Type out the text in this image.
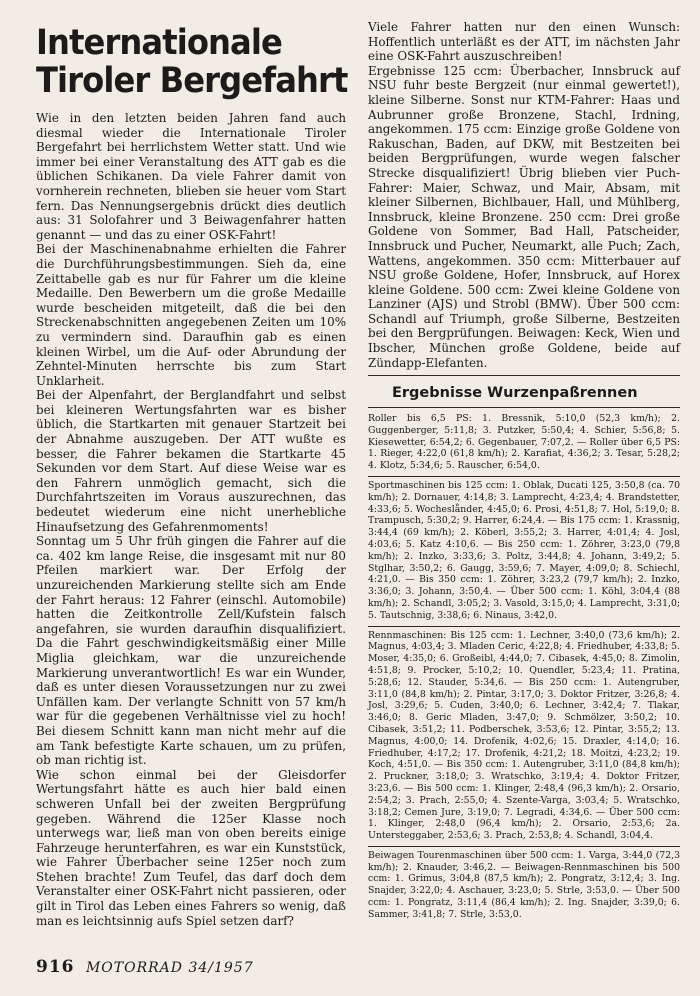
Internationale
Tiroler Bergefahrt

Wie in den letzten beiden Jahren fand auch diesmal wieder die Internationale Tiroler Bergefahrt bei herrlichstem Wetter statt. Und wie immer bei einer Veranstaltung des ATT gab es die üblichen Schikanen. Da viele Fahrer damit von vornherein rechneten, blieben sie heuer vom Start fern. Das Nennungsergebnis drückt dies deutlich aus: 31 Solofahrer und 3 Beiwagenfahrer hatten genannt — und das zu einer OSK-Fahrt!

Bei der Maschinenabnahme erhielten die Fahrer die Durchführungsbestimmungen. Sieh da, eine Zeittabelle gab es nur für Fahrer um die kleine Medaille. Den Bewerbern um die große Medaille wurde bescheiden mitgeteilt, daß die bei den Streckenabschnitten angegebenen Zeiten um 10% zu vermindern sind. Daraufhin gab es einen kleinen Wirbel, um die Auf- oder Abrundung der Zehntel-Minuten herrschte bis zum Start Unklarheit.

Bei der Alpenfahrt, der Berglandfahrt und selbst bei kleineren Wertungsfahrten war es bisher üblich, die Startkarten mit genauer Startzeit bei der Abnahme auszugeben. Der ATT wußte es besser, die Fahrer bekamen die Startkarte 45 Sekunden vor dem Start. Auf diese Weise war es den Fahrern unmöglich gemacht, sich die Durchfahrtszeiten im Voraus auszurechnen, das bedeutet wiederum eine nicht unerhebliche Hinaufsetzung des Gefahrenmoments!

Sonntag um 5 Uhr früh gingen die Fahrer auf die ca. 402 km lange Reise, die insgesamt mit nur 80 Pfeilen markiert war. Der Erfolg der unzureichenden Markierung stellte sich am Ende der Fahrt heraus: 12 Fahrer (einschl. Automobile) hatten die Zeitkontrolle Zell/Kufstein falsch angefahren, sie wurden daraufhin disqualifiziert. Da die Fahrt geschwindigkeitsmäßig einer Mille Miglia gleichkam, war die unzureichende Markierung unverantwortlich! Es war ein Wunder, daß es unter diesen Voraussetzungen nur zu zwei Unfällen kam. Der verlangte Schnitt von 57 km/h war für die gegebenen Verhältnisse viel zu hoch! Bei diesem Schnitt kann man nicht mehr auf die am Tank befestigte Karte schauen, um zu prüfen, ob man richtig ist.

Wie schon einmal bei der Gleisdorfer Wertungsfahrt hätte es auch hier bald einen schweren Unfall bei der zweiten Bergprüfung gegeben. Während die 125er Klasse noch unterwegs war, ließ man von oben bereits einige Fahrzeuge herunterfahren, es war ein Kunststück, wie Fahrer Überbacher seine 125er noch zum Stehen brachte! Zum Teufel, das darf doch dem Veranstalter einer OSK-Fahrt nicht passieren, oder gilt in Tirol das Leben eines Fahrers so wenig, daß man es leichtsinnig aufs Spiel setzen darf?

Viele Fahrer hatten nur den einen Wunsch: Hoffentlich unterläßt es der ATT, im nächsten Jahr eine OSK-Fahrt auszuschreiben!

Ergebnisse 125 ccm: Überbacher, Innsbruck auf NSU fuhr beste Bergzeit (nur einmal gewertet!), kleine Silberne. Sonst nur KTM-Fahrer: Haas und Aubrunner große Bronzene, Stachl, Irdning, angekommen. 175 ccm: Einzige große Goldene von Rakuschan, Baden, auf DKW, mit Bestzeiten bei beiden Bergprüfungen, wurde wegen falscher Strecke disqualifiziert! Übrig blieben vier Puch-Fahrer: Maier, Schwaz, und Mair, Absam, mit kleiner Silbernen, Bichlbauer, Hall, und Mühlberg, Innsbruck, kleine Bronzene. 250 ccm: Drei große Goldene von Sommer, Bad Hall, Patscheider, Innsbruck und Pucher, Neumarkt, alle Puch; Zach, Wattens, angekommen. 350 ccm: Mitterbauer auf NSU große Goldene, Hofer, Innsbruck, auf Horex kleine Goldene. 500 ccm: Zwei kleine Goldene von Lanziner (AJS) und Strobl (BMW). Über 500 ccm: Schandl auf Triumph, große Silberne, Bestzeiten bei den Bergprüfungen. Beiwagen: Keck, Wien und Ibscher, München große Goldene, beide auf Zündapp-Elefanten.

Ergebnisse Wurzenpaßrennen

Roller bis 6,5 PS: 1. Bressnik, 5:10,0 (52,3 km/h); 2. Guggenberger, 5:11,8; 3. Putzker, 5:50,4; 4. Schier, 5:56,8; 5. Kiesewetter, 6:54,2; 6. Gegenbauer, 7:07,2. — Roller über 6,5 PS: 1. Rieger, 4:22,0 (61,8 km/h); 2. Karafiat, 4:36,2; 3. Tesar, 5:28,2; 4. Klotz, 5:34,6; 5. Rauscher, 6:54,0.

Sportmaschinen bis 125 ccm: 1. Oblak, Ducati 125, 3:50,8 (ca. 70 km/h); 2. Dornauer, 4:14,8; 3. Lamprecht, 4:23,4; 4. Brandstetter, 4:33,6; 5. Wocheslånder, 4:45,0; 6. Prosi, 4:51,8; 7. Hol, 5:19,0; 8. Trampusch, 5:30,2; 9. Harrer, 6:24,4. — Bis 175 ccm: 1. Krassnig, 3:44,4 (69 km/h); 2. Köberl, 3:55,2; 3. Harrer, 4:01,4; 4. Josl, 4:03,6; 5. Katz 4:10,6. — Bis 250 ccm: 1. Zöhrer, 3:23,0 (79,8 km/h); 2. Inzko, 3:33,6; 3. Poltz, 3:44,8; 4. Johann, 3:49,2; 5. Stglhar, 3:50,2; 6. Gaugg, 3:59,6; 7. Mayer, 4:09,0; 8. Schiechl, 4:21,0. — Bis 350 ccm: 1. Zöhrer, 3:23,2 (79,7 km/h); 2. Inzko, 3:36,0; 3. Johann, 3:50,4. — Über 500 ccm: 1. Köhl, 3:04,4 (88 km/h); 2. Schandl, 3:05,2; 3. Vasold, 3:15,0; 4. Lamprecht, 3:31,0; 5. Tautschnig, 3:38,6; 6. Ninaus, 3:42,0.

Rennmaschinen: Bis 125 ccm: 1. Lechner, 3:40,0 (73,6 km/h); 2. Magnus, 4:03,4; 3. Mladen Ceric, 4:22,8; 4. Friedhuber, 4:33,8; 5. Moser, 4:35,0; 6. Großeibl, 4:44,0; 7. Cibasek, 4:45,0; 8. Zimolin, 4:51,8; 9. Procker, 5:10,2; 10. Quendler, 5:23,4; 11. Pratina, 5:28,6; 12. Stauder, 5:34,6. — Bis 250 ccm: 1. Autengruber, 3:11,0 (84,8 km/h); 2. Pintar, 3:17,0; 3. Doktor Fritzer, 3:26,8; 4. Josl, 3:29,6; 5. Cuden, 3:40,0; 6. Lechner, 3:42,4; 7. Tlakar, 3:46,0; 8. Geric Mladen, 3:47,0; 9. Schmölzer, 3:50,2; 10. Cibasek, 3:51,2; 11. Podberschek, 3:53,6; 12. Pintar, 3:55,2; 13. Magnus, 4:00,0; 14. Drofenik, 4:02,6; 15. Draxler, 4:14,0; 16. Friedhuber, 4:17,2; 17. Drofenik, 4:21,2; 18. Moitzi, 4:23,2; 19. Koch, 4:51,0. — Bis 350 ccm: 1. Autengruber, 3:11,0 (84,8 km/h); 2. Pruckner, 3:18,0; 3. Wratschko, 3:19,4; 4. Doktor Fritzer, 3:23,6. — Bis 500 ccm: 1. Klinger, 2:48,4 (96,3 km/h); 2. Orsario, 2:54,2; 3. Prach, 2:55,0; 4. Szente-Varga, 3:03,4; 5. Wratschko, 3:18,2; Cemen Jure, 3:19,0; 7. Legradi, 4:34,6. — Über 500 ccm: 1. Klinger, 2:48,0 (96,4 km/h); 2. Orsario, 2:53,6; 2a. Untersteggaber, 2:53,6; 3. Prach, 2:53,8; 4. Schandl, 3:04,4.

Beiwagen Tourenmaschinen über 500 ccm: 1. Varga, 3:44,0 (72,3 km/h); 2. Knauder, 3:46,2. — Beiwagen-Rennmaschinen bis 500 ccm: 1. Grimus, 3:04,8 (87,5 km/h); 2. Pongratz, 3:12,4; 3. Ing. Snajder, 3:22,0; 4. Aschauer, 3:23,0; 5. Strle, 3:53,0. — Über 500 ccm: 1. Pongratz, 3:11,4 (86,4 km/h); 2. Ing. Snajder, 3:39,0; 6. Sammer, 3:41,8; 7. Strle, 3:53,0.

916 MOTORRAD 34/1957
